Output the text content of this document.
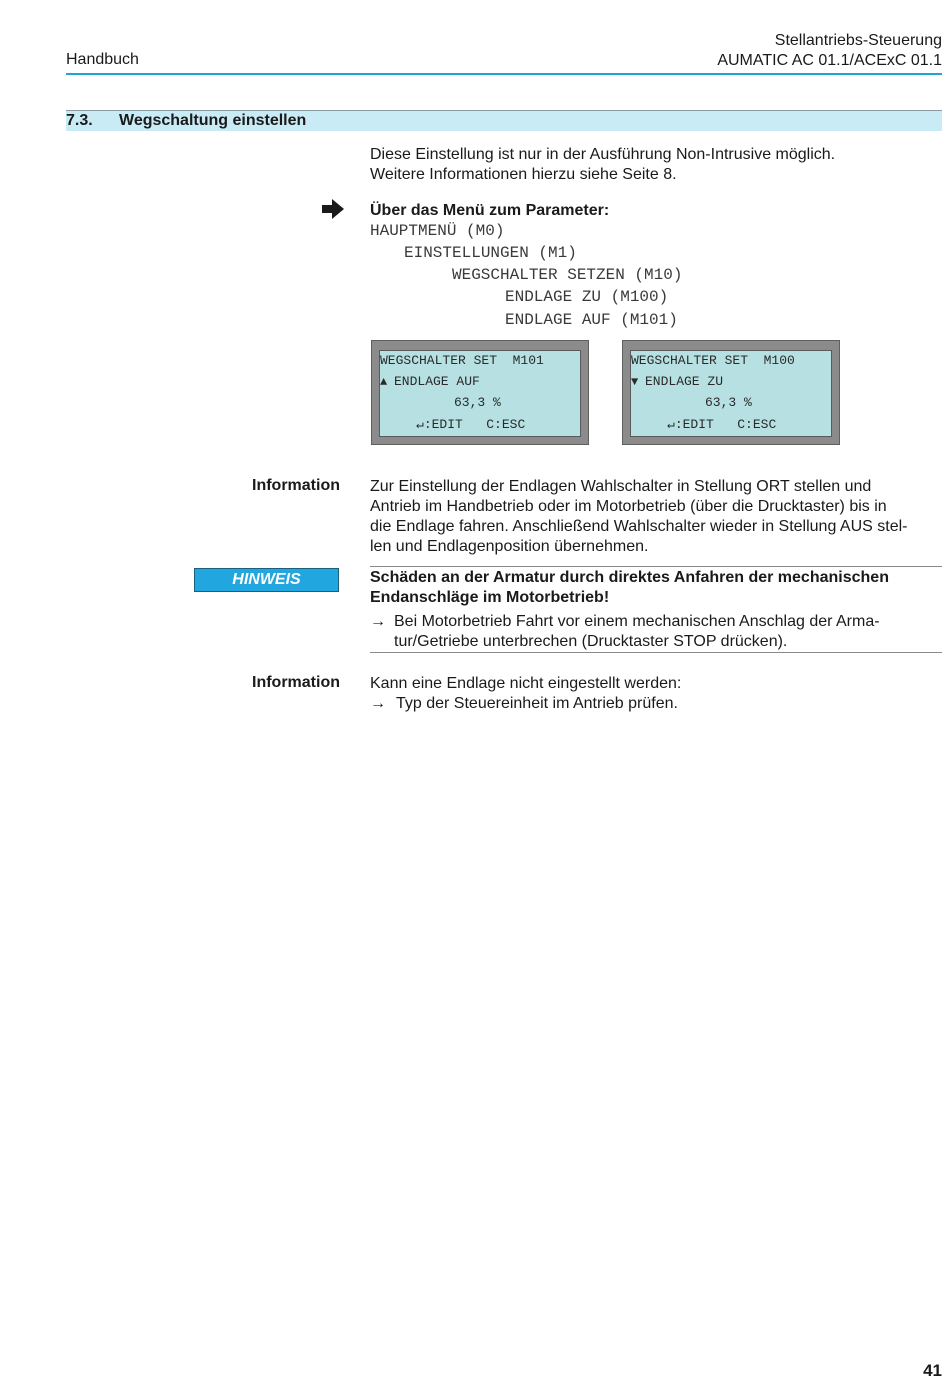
Handbuch
Stellantriebs-Steuerung
AUMATIC AC 01.1/ACExC 01.1
7.3. Wegschaltung einstellen
Diese Einstellung ist nur in der Ausführung Non-Intrusive möglich.
Weitere Informationen hierzu siehe Seite 8.
Über das Menü zum Parameter:
HAUPTMENÜ (M0)
EINSTELLUNGEN (M1)
WEGSCHALTER SETZEN (M10)
ENDLAGE ZU (M100)
ENDLAGE AUF (M101)
WEGSCHALTER SET  M101
▲ ENDLAGE AUF
63,3 %
↵:EDIT   C:ESC
WEGSCHALTER SET  M100
▼ ENDLAGE ZU
63,3 %
↵:EDIT   C:ESC
Information Zur Einstellung der Endlagen Wahlschalter in Stellung ORT stellen und
Antrieb im Handbetrieb oder im Motorbetrieb (über die Drucktaster) bis in
die Endlage fahren. Anschließend Wahlschalter wieder in Stellung AUS stel-
len und Endlagenposition übernehmen.
HINWEIS	Schäden an der Armatur durch direktes Anfahren der mechanischen
Endanschläge im Motorbetrieb!
→ Bei Motorbetrieb Fahrt vor einem mechanischen Anschlag der Arma-
tur/Getriebe unterbrechen (Drucktaster STOP drücken).
Information Kann eine Endlage nicht eingestellt werden:
→ Typ der Steuereinheit im Antrieb prüfen.
41
